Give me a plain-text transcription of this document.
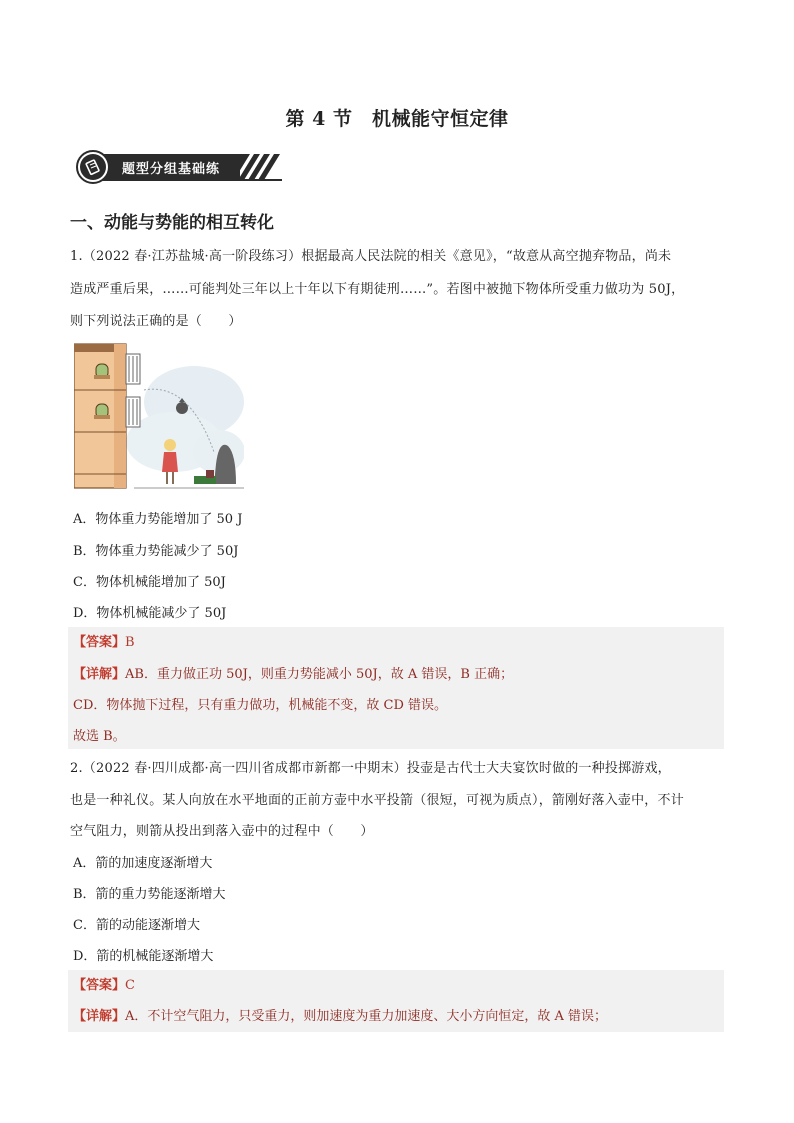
第 4 节　机械能守恒定律
题型分组基础练
一、动能与势能的相互转化
1.（2022 春·江苏盐城·高一阶段练习）根据最高人民法院的相关《意见》，“故意从高空抛弃物品，尚未
造成严重后果，……可能判处三年以上十年以下有期徒刑……”。若图中被抛下物体所受重力做功为 50J，
则下列说法正确的是（　　）
A．物体重力势能增加了 50 J
B．物体重力势能减少了 50J
C．物体机械能增加了 50J
D．物体机械能减少了 50J
【答案】B
【详解】AB．重力做正功 50J，则重力势能减小 50J，故 A 错误，B 正确；
CD．物体抛下过程，只有重力做功，机械能不变，故 CD 错误。
故选 B。
2.（2022 春·四川成都·高一四川省成都市新都一中期末）投壶是古代士大夫宴饮时做的一种投掷游戏，
也是一种礼仪。某人向放在水平地面的正前方壶中水平投箭（很短，可视为质点），箭刚好落入壶中，不计
空气阻力，则箭从投出到落入壶中的过程中（　　）
A．箭的加速度逐渐增大
B．箭的重力势能逐渐增大
C．箭的动能逐渐增大
D．箭的机械能逐渐增大
【答案】C
【详解】A．不计空气阻力，只受重力，则加速度为重力加速度、大小方向恒定，故 A 错误；
